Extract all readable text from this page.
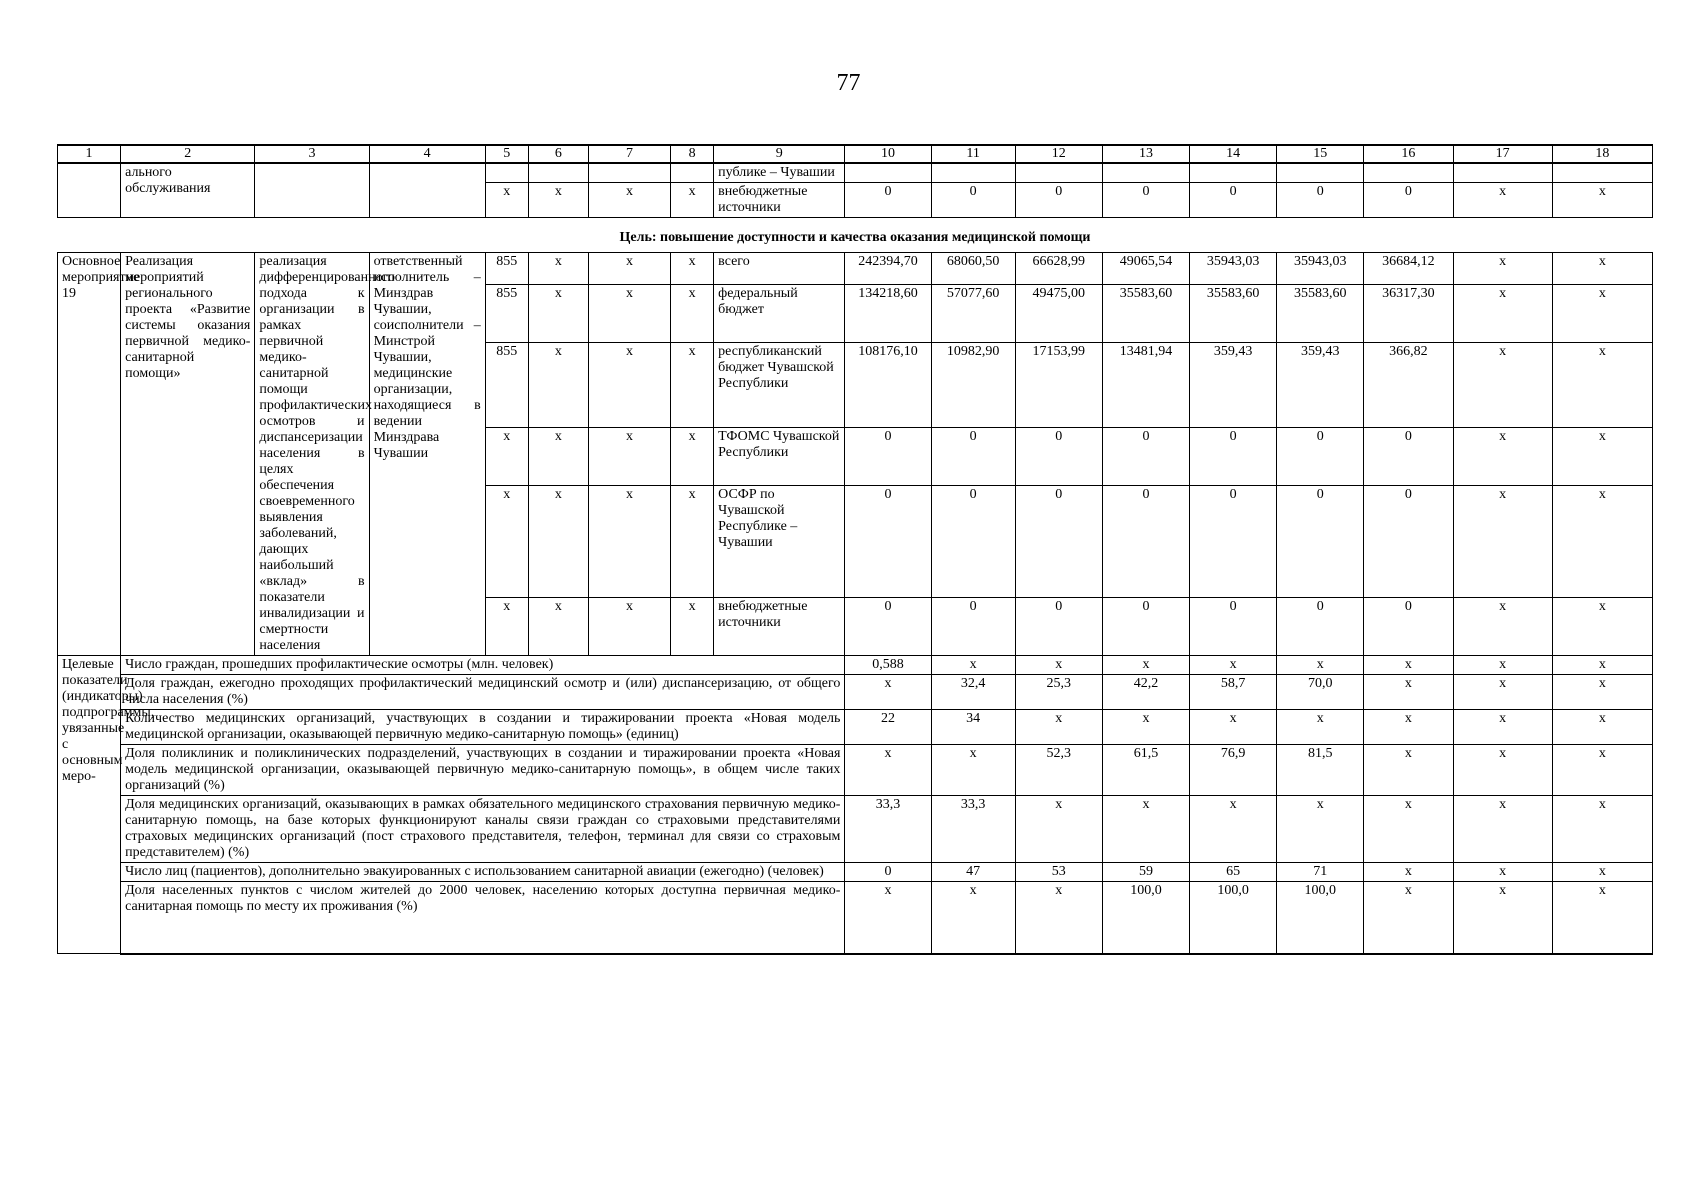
77
1	2	3	4	5	6	7	8	9	10	11	12	13	14	15	16	17	18
	ального обслуживания							публике – Чувашии									
				x	x	x	x	внебюджетные источники	0	0	0	0	0	0	0	x	x
Цель: повышение доступности и качества оказания медицинской помощи																	
Основное мероприятие 19	Реализация мероприятий регионального проекта «Развитие системы оказания первичной медико-санитарной помощи»	реализация дифференцированного подхода к организации в рамках первичной медико-санитарной помощи профилактических осмотров и диспансеризации населения в целях обеспечения своевременного выявления заболеваний, дающих наибольший «вклад» в показатели инвалидизации и смертности населения	ответственный исполнитель – Минздрав Чувашии, соисполнители – Минстрой Чувашии, медицинские организации, находящиеся в ведении Минздрава Чувашии	855	x	x	x	всего	242394,70	68060,50	66628,99	49065,54	35943,03	35943,03	36684,12	x	x
				855	x	x	x	федеральный бюджет	134218,60	57077,60	49475,00	35583,60	35583,60	35583,60	36317,30	x	x
				855	x	x	x	республиканский бюджет Чувашской Республики	108176,10	10982,90	17153,99	13481,94	359,43	359,43	366,82	x	x
				x	x	x	x	ТФОМС Чувашской Республики	0	0	0	0	0	0	0	x	x
				x	x	x	x	ОСФР по Чувашской Республике – Чувашии	0	0	0	0	0	0	0	x	x
				x	x	x	x	внебюджетные источники	0	0	0	0	0	0	0	x	x
Целевые показатели (индикаторы) подпрограммы, увязанные с основным меро-	Число граждан, прошедших профилактические осмотры (млн. человек)								0,588	x	x	x	x	x	x	x	x
	Доля граждан, ежегодно проходящих профилактический медицинский осмотр и (или) диспансеризацию, от общего числа населения (%)								x	32,4	25,3	42,2	58,7	70,0	x	x	x
	Количество медицинских организаций, участвующих в создании и тиражировании проекта «Новая модель медицинской организации, оказывающей первичную медико-санитарную помощь» (единиц)								22	34	x	x	x	x	x	x	x
	Доля поликлиник и поликлинических подразделений, участвующих в создании и тиражировании проекта «Новая модель медицинской организации, оказывающей первичную медико-санитарную помощь», в общем числе таких организаций (%)								x	x	52,3	61,5	76,9	81,5	x	x	x
	Доля медицинских организаций, оказывающих в рамках обязательного медицинского страхования первичную медико-санитарную помощь, на базе которых функционируют каналы связи граждан со страховыми представителями страховых медицинских организаций (пост страхового представителя, телефон, терминал для связи со страховым представителем) (%)								33,3	33,3	x	x	x	x	x	x	x
	Число лиц (пациентов), дополнительно эвакуированных с использованием санитарной авиации (ежегодно) (человек)								0	47	53	59	65	71	x	x	x
	Доля населенных пунктов с числом жителей до 2000 человек, населению которых доступна первичная медико-санитарная помощь по месту их проживания (%)								x	x	x	100,0	100,0	100,0	x	x	x
